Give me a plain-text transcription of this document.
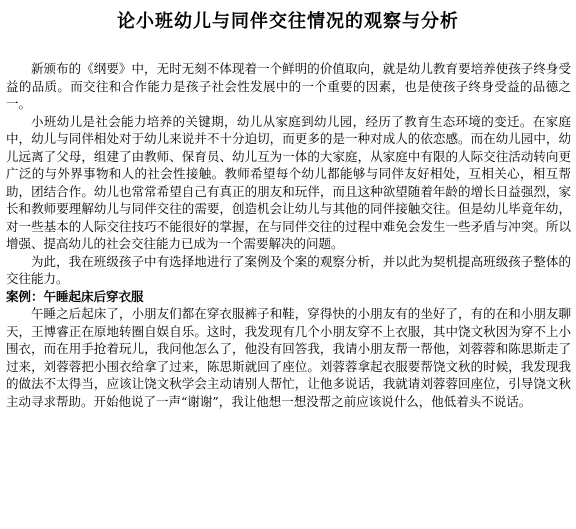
论小班幼儿与同伴交往情况的观察与分析

新颁布的《纲要》中，无时无刻不体现着一个鲜明的价值取向，就是幼儿教育要培养使孩子终身受益的品质。而交往和合作能力是孩子社会性发展中的一个重要的因素，也是使孩子终身受益的品德之一。

小班幼儿是社会能力培养的关键期，幼儿从家庭到幼儿园，经历了教育生态环境的变迁。在家庭中，幼儿与同伴相处对于幼儿来说并不十分迫切，而更多的是一种对成人的依恋感。而在幼儿园中，幼儿远离了父母，组建了由教师、保育员、幼儿互为一体的大家庭，从家庭中有限的人际交往活动转向更广泛的与外界事物和人的社会性接触。教师希望每个幼儿都能够与同伴友好相处，互相关心，相互帮助，团结合作。幼儿也常常希望自己有真正的朋友和玩伴，而且这种欲望随着年龄的增长日益强烈，家长和教师要理解幼儿与同伴交往的需要，创造机会让幼儿与其他的同伴接触交往。但是幼儿毕竟年幼，对一些基本的人际交往技巧不能很好的掌握，在与同伴交往的过程中难免会发生一些矛盾与冲突。所以增强、提高幼儿的社会交往能力已成为一个需要解决的问题。

为此，我在班级孩子中有选择地进行了案例及个案的观察分析，并以此为契机提高班级孩子整体的交往能力。

案例：午睡起床后穿衣服

午睡之后起床了，小朋友们都在穿衣服裤子和鞋，穿得快的小朋友有的坐好了，有的在和小朋友聊天，王博睿正在原地转圈自娱自乐。这时，我发现有几个小朋友穿不上衣服，其中饶文秋因为穿不上小围衣，而在用手抢着玩儿，我问他怎么了，他没有回答我，我请小朋友帮一帮他，刘蓉蓉和陈思斯走了过来，刘蓉蓉把小围衣给拿了过来，陈思斯就回了座位。刘蓉蓉拿起衣服要帮饶文秋的时候，我发现我的做法不太得当，应该让饶文秋学会主动请别人帮忙，让他多说话，我就请刘蓉蓉回座位，引导饶文秋主动寻求帮助。开始他说了一声“谢谢”，我让他想一想没帮之前应该说什么，他低着头不说话。
